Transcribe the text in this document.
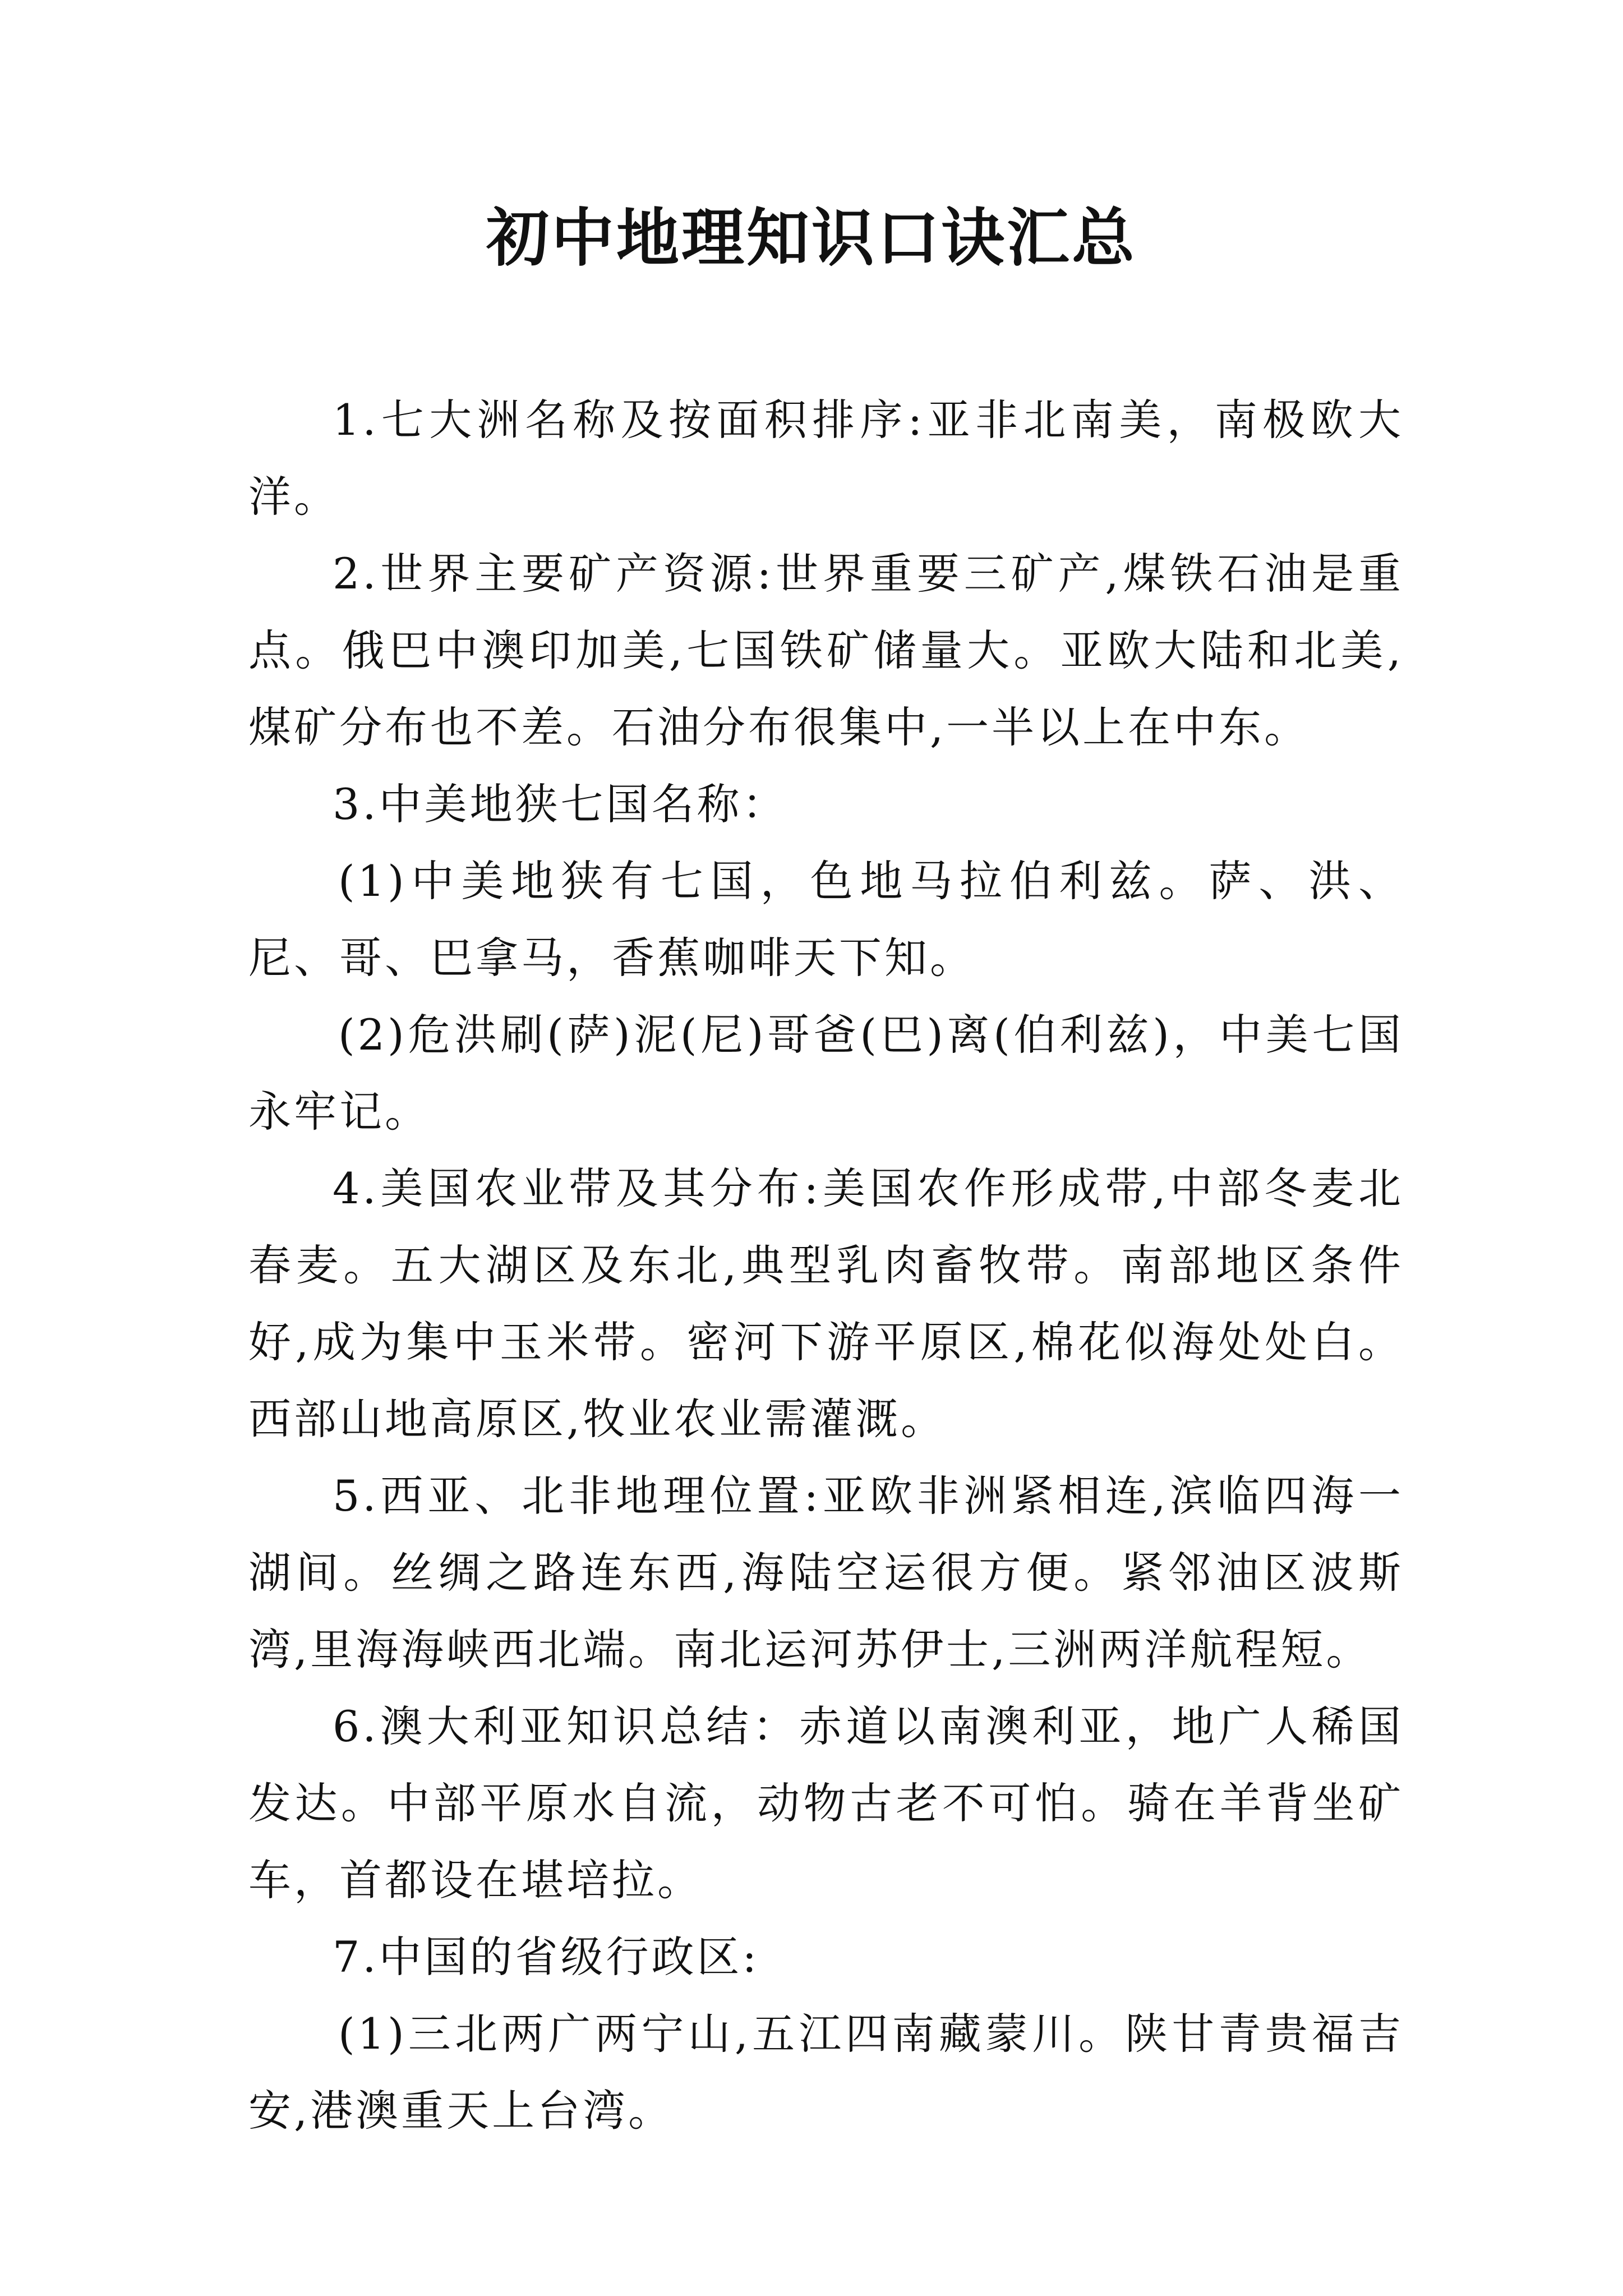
初中地理知识口诀汇总

1.七大洲名称及按面积排序:亚非北南美，南极欧大洋。

2.世界主要矿产资源:世界重要三矿产,煤铁石油是重点。俄巴中澳印加美,七国铁矿储量大。亚欧大陆和北美,煤矿分布也不差。石油分布很集中,一半以上在中东。

3.中美地狭七国名称：

(1)中美地狭有七国，色地马拉伯利兹。萨、洪、尼、哥、巴拿马，香蕉咖啡天下知。

(2)危洪刷(萨)泥(尼)哥爸(巴)离(伯利兹)，中美七国永牢记。

4.美国农业带及其分布:美国农作形成带,中部冬麦北春麦。五大湖区及东北,典型乳肉畜牧带。南部地区条件好,成为集中玉米带。密河下游平原区,棉花似海处处白。西部山地高原区,牧业农业需灌溉。

5.西亚、北非地理位置:亚欧非洲紧相连,滨临四海一湖间。丝绸之路连东西,海陆空运很方便。紧邻油区波斯湾,里海海峡西北端。南北运河苏伊士,三洲两洋航程短。

6.澳大利亚知识总结：赤道以南澳利亚，地广人稀国发达。中部平原水自流，动物古老不可怕。骑在羊背坐矿车，首都设在堪培拉。

7.中国的省级行政区:

(1)三北两广两宁山,五江四南藏蒙川。陕甘青贵福吉安,港澳重天上台湾。
